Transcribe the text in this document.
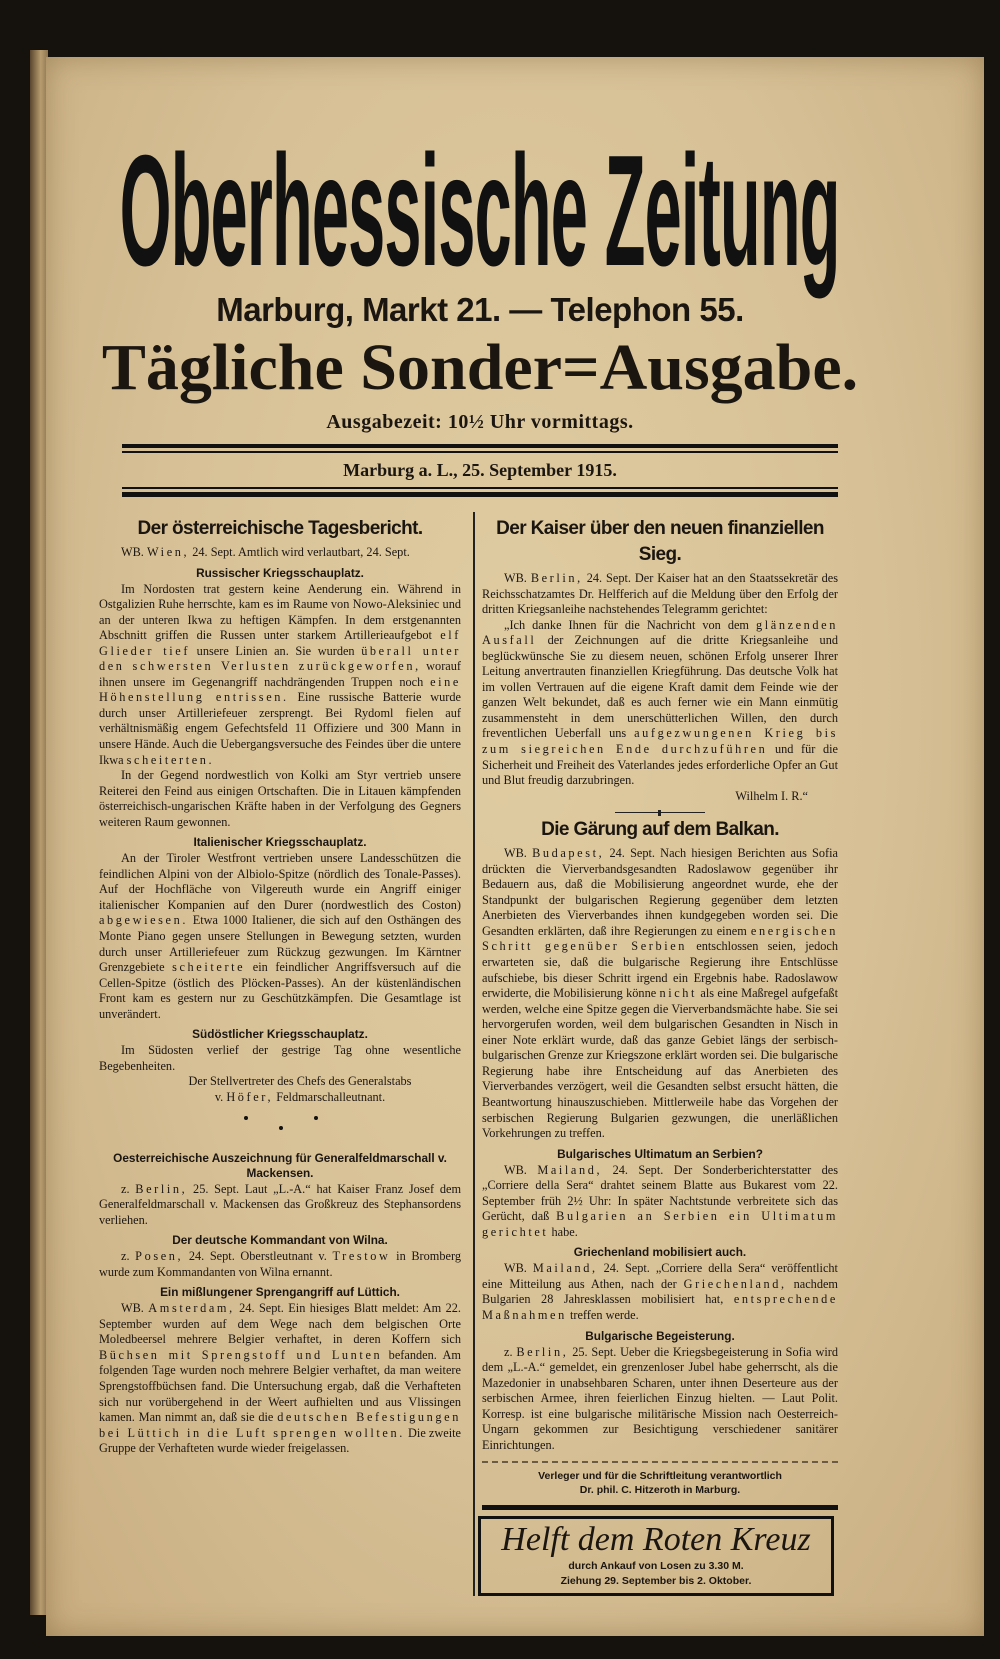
Oberhessische Zeitung
Marburg, Markt 21. — Telephon 55.
Tägliche Sonder=Ausgabe.
Ausgabezeit: 10½ Uhr vormittags.
Marburg a. L., 25. September 1915.
Der österreichische Tagesbericht.
WB. Wien, 24. Sept. Amtlich wird verlautbart, 24. Sept.
Russischer Kriegsschauplatz.
Im Nordosten trat gestern keine Aenderung ein. Während in Ostgalizien Ruhe herrschte, kam es im Raume von Nowo-Aleksiniec und an der unteren Ikwa zu heftigen Kämpfen. In dem erstgenannten Abschnitt griffen die Russen unter starkem Artillerieaufgebot elf Glieder tief unsere Linien an. Sie wurden überall unter den schwersten Verlusten zurückgeworfen, worauf ihnen unsere im Gegenangriff nachdrängenden Truppen noch eine Höhenstellung entrissen. Eine russische Batterie wurde durch unser Artilleriefeuer zersprengt. Bei Rydoml fielen auf verhältnismäßig engem Gefechtsfeld 11 Offiziere und 300 Mann in unsere Hände. Auch die Uebergangsversuche des Feindes über die untere Ikwa scheiterten.
In der Gegend nordwestlich von Kolki am Styr vertrieb unsere Reiterei den Feind aus einigen Ortschaften. Die in Litauen kämpfenden österreichisch-ungarischen Kräfte haben in der Verfolgung des Gegners weiteren Raum gewonnen.
Italienischer Kriegsschauplatz.
An der Tiroler Westfront vertrieben unsere Landesschützen die feindlichen Alpini von der Albiolo-Spitze (nördlich des Tonale-Passes). Auf der Hochfläche von Vilgereuth wurde ein Angriff einiger italienischer Kompanien auf den Durer (nordwestlich des Coston) abgewiesen. Etwa 1000 Italiener, die sich auf den Osthängen des Monte Piano gegen unsere Stellungen in Bewegung setzten, wurden durch unser Artilleriefeuer zum Rückzug gezwungen. Im Kärntner Grenzgebiete scheiterte ein feindlicher Angriffsversuch auf die Cellen-Spitze (östlich des Plöcken-Passes). An der küstenländischen Front kam es gestern nur zu Geschützkämpfen. Die Gesamtlage ist unverändert.
Südöstlicher Kriegsschauplatz.
Im Südosten verlief der gestrige Tag ohne wesentliche Begebenheiten.
Der Stellvertreter des Chefs des Generalstabs
v. Höfer, Feldmarschalleutnant.
Oesterreichische Auszeichnung für Generalfeldmarschall v. Mackensen.
z. Berlin, 25. Sept. Laut „L.-A.“ hat Kaiser Franz Josef dem Generalfeldmarschall v. Mackensen das Großkreuz des Stephansordens verliehen.
Der deutsche Kommandant von Wilna.
z. Posen, 24. Sept. Oberstleutnant v. Trestow in Bromberg wurde zum Kommandanten von Wilna ernannt.
Ein mißlungener Sprengangriff auf Lüttich.
WB. Amsterdam, 24. Sept. Ein hiesiges Blatt meldet: Am 22. September wurden auf dem Wege nach dem belgischen Orte Moledbeersel mehrere Belgier verhaftet, in deren Koffern sich Büchsen mit Sprengstoff und Lunten befanden. Am folgenden Tage wurden noch mehrere Belgier verhaftet, da man weitere Sprengstoffbüchsen fand. Die Untersuchung ergab, daß die Verhafteten sich nur vorübergehend in der Weert aufhielten und aus Vlissingen kamen. Man nimmt an, daß sie die deutschen Befestigungen bei Lüttich in die Luft sprengen wollten. Die zweite Gruppe der Verhafteten wurde wieder freigelassen.
Der Kaiser über den neuen finanziellen Sieg.
WB. Berlin, 24. Sept. Der Kaiser hat an den Staatssekretär des Reichsschatzamtes Dr. Helfferich auf die Meldung über den Erfolg der dritten Kriegsanleihe nachstehendes Telegramm gerichtet:
„Ich danke Ihnen für die Nachricht von dem glänzenden Ausfall der Zeichnungen auf die dritte Kriegsanleihe und beglückwünsche Sie zu diesem neuen, schönen Erfolg unserer Ihrer Leitung anvertrauten finanziellen Kriegführung. Das deutsche Volk hat im vollen Vertrauen auf die eigene Kraft damit dem Feinde wie der ganzen Welt bekundet, daß es auch ferner wie ein Mann einmütig zusammensteht in dem unerschütterlichen Willen, den durch freventlichen Ueberfall uns aufgezwungenen Krieg bis zum siegreichen Ende durchzuführen und für die Sicherheit und Freiheit des Vaterlandes jedes erforderliche Opfer an Gut und Blut freudig darzubringen.
Wilhelm I. R.“
Die Gärung auf dem Balkan.
WB. Budapest, 24. Sept. Nach hiesigen Berichten aus Sofia drückten die Vierverbandsgesandten Radoslawow gegenüber ihr Bedauern aus, daß die Mobilisierung angeordnet wurde, ehe der Standpunkt der bulgarischen Regierung gegenüber dem letzten Anerbieten des Vierverbandes ihnen kundgegeben worden sei. Die Gesandten erklärten, daß ihre Regierungen zu einem energischen Schritt gegenüber Serbien entschlossen seien, jedoch erwarteten sie, daß die bulgarische Regierung ihre Entschlüsse aufschiebe, bis dieser Schritt irgend ein Ergebnis habe. Radoslawow erwiderte, die Mobilisierung könne nicht als eine Maßregel aufgefaßt werden, welche eine Spitze gegen die Vierverbandsmächte habe. Sie sei hervorgerufen worden, weil dem bulgarischen Gesandten in Nisch in einer Note erklärt wurde, daß das ganze Gebiet längs der serbisch-bulgarischen Grenze zur Kriegszone erklärt worden sei. Die bulgarische Regierung habe ihre Entscheidung auf das Anerbieten des Vierverbandes verzögert, weil die Gesandten selbst ersucht hätten, die Beantwortung hinauszuschieben. Mittlerweile habe das Vorgehen der serbischen Regierung Bulgarien gezwungen, die unerläßlichen Vorkehrungen zu treffen.
Bulgarisches Ultimatum an Serbien?
WB. Mailand, 24. Sept. Der Sonderberichterstatter des „Corriere della Sera“ drahtet seinem Blatte aus Bukarest vom 22. September früh 2½ Uhr: In später Nachtstunde verbreitete sich das Gerücht, daß Bulgarien an Serbien ein Ultimatum gerichtet habe.
Griechenland mobilisiert auch.
WB. Mailand, 24. Sept. „Corriere della Sera“ veröffentlicht eine Mitteilung aus Athen, nach der Griechenland, nachdem Bulgarien 28 Jahresklassen mobilisiert hat, entsprechende Maßnahmen treffen werde.
Bulgarische Begeisterung.
z. Berlin, 25. Sept. Ueber die Kriegsbegeisterung in Sofia wird dem „L.-A.“ gemeldet, ein grenzenloser Jubel habe geherrscht, als die Mazedonier in unabsehbaren Scharen, unter ihnen Deserteure aus der serbischen Armee, ihren feierlichen Einzug hielten. — Laut Polit. Korresp. ist eine bulgarische militärische Mission nach Oesterreich-Ungarn gekommen zur Besichtigung verschiedener sanitärer Einrichtungen.
Verleger und für die Schriftleitung verantwortlich
Dr. phil. C. Hitzeroth in Marburg.
Helft dem Roten Kreuz
durch Ankauf von Losen zu 3.30 M.
Ziehung 29. September bis 2. Oktober.
